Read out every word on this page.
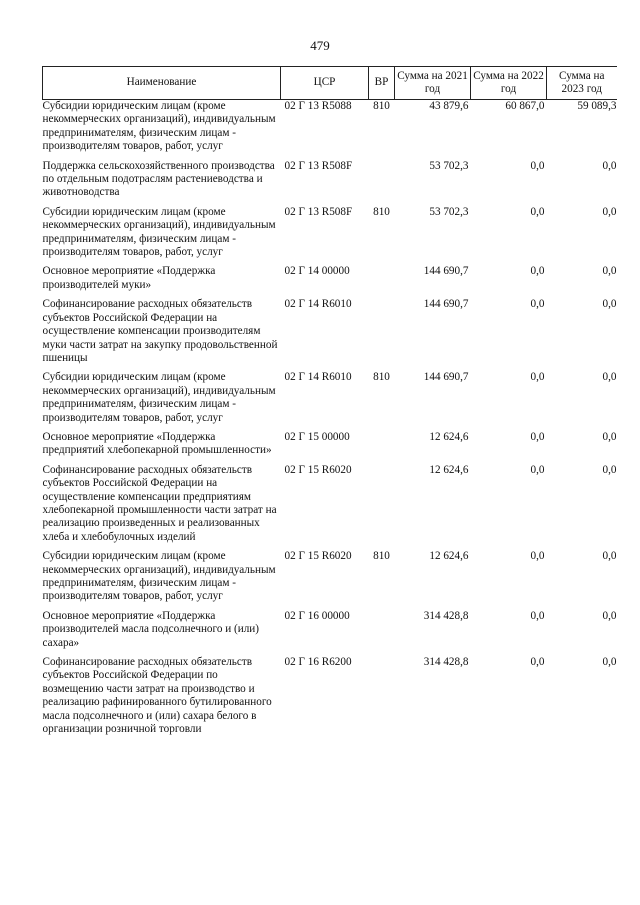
479
Наименование	ЦСР	ВР	Сумма на 2021 год	Сумма на 2022 год	Сумма на 2023 год
Субсидии юридическим лицам (кроме некоммерческих организаций), индивидуальным предпринимателям, физическим лицам - производителям товаров, работ, услуг	02 Г 13 R5088	810	43 879,6	60 867,0	59 089,3
Поддержка сельскохозяйственного производства по отдельным подотраслям растениеводства и животноводства	02 Г 13 R508F		53 702,3	0,0	0,0
Субсидии юридическим лицам (кроме некоммерческих организаций), индивидуальным предпринимателям, физическим лицам - производителям товаров, работ, услуг	02 Г 13 R508F	810	53 702,3	0,0	0,0
Основное мероприятие «Поддержка производителей муки»	02 Г 14 00000		144 690,7	0,0	0,0
Софинансирование расходных обязательств субъектов Российской Федерации на осуществление компенсации производителям муки части затрат на закупку продовольственной пшеницы	02 Г 14 R6010		144 690,7	0,0	0,0
Субсидии юридическим лицам (кроме некоммерческих организаций), индивидуальным предпринимателям, физическим лицам - производителям товаров, работ, услуг	02 Г 14 R6010	810	144 690,7	0,0	0,0
Основное мероприятие «Поддержка предприятий хлебопекарной промышленности»	02 Г 15 00000		12 624,6	0,0	0,0
Софинансирование расходных обязательств субъектов Российской Федерации на осуществление компенсации предприятиям хлебопекарной промышленности части затрат на реализацию произведенных и реализованных хлеба и хлебобулочных изделий	02 Г 15 R6020		12 624,6	0,0	0,0
Субсидии юридическим лицам (кроме некоммерческих организаций), индивидуальным предпринимателям, физическим лицам - производителям товаров, работ, услуг	02 Г 15 R6020	810	12 624,6	0,0	0,0
Основное мероприятие «Поддержка производителей масла подсолнечного и (или) сахара»	02 Г 16 00000		314 428,8	0,0	0,0
Софинансирование расходных обязательств субъектов Российской Федерации по возмещению части затрат на производство и реализацию рафинированного бутилированного масла подсолнечного и (или) сахара белого в организации розничной торговли	02 Г 16 R6200		314 428,8	0,0	0,0
